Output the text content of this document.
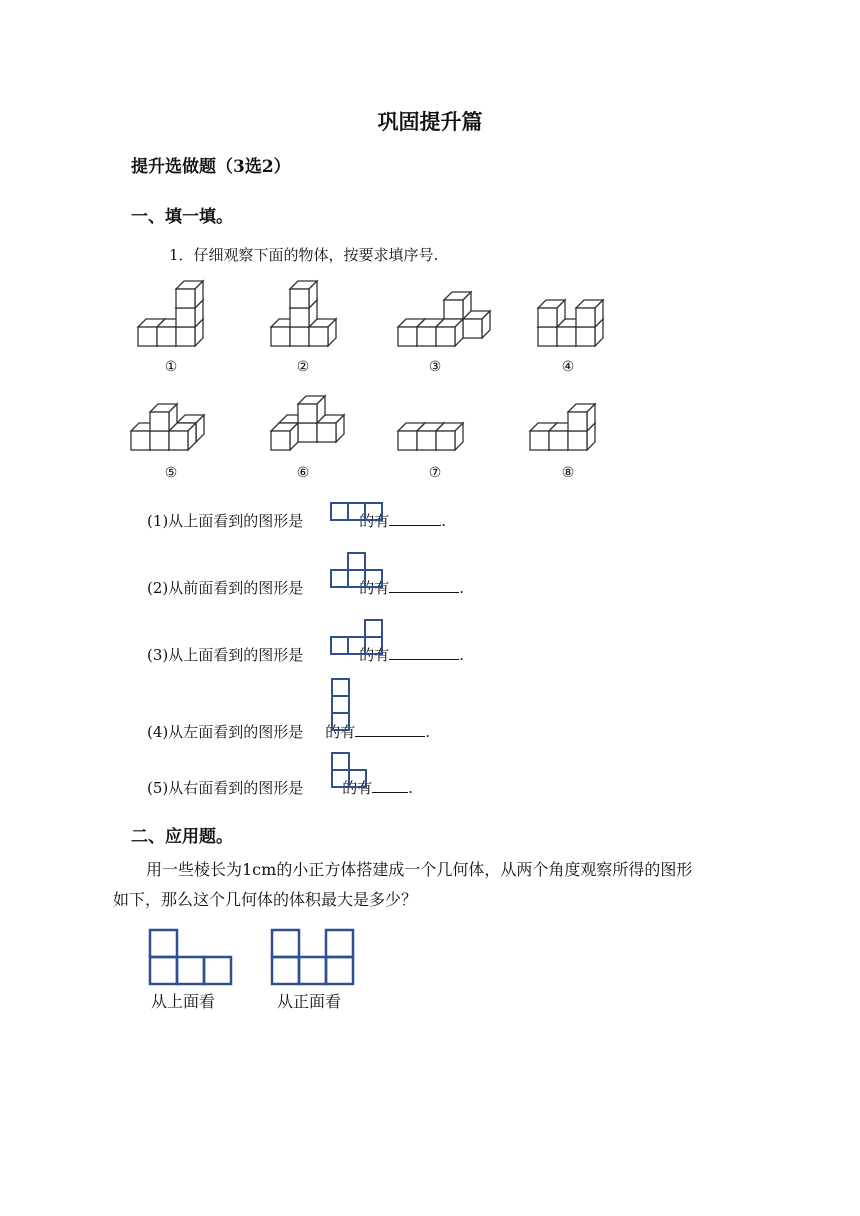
巩固提升篇
提升选做题（3选2）
一、填一填。
1．仔细观察下面的物体，按要求填序号.
①	②	③	④
⑤	⑥	⑦	⑧
(1)从上面看到的图形是	的有	.
(2)从前面看到的图形是	的有	.
(3)从上面看到的图形是	的有	.
(4)从左面看到的图形是 的有	.
(5)从右面看到的图形是	的有 .
二、应用题。
用一些棱长为1cm的小正方体搭建成一个几何体，从两个角度观察所得的图形
如下，那么这个几何体的体积最大是多少？
从上面看	从正面看
